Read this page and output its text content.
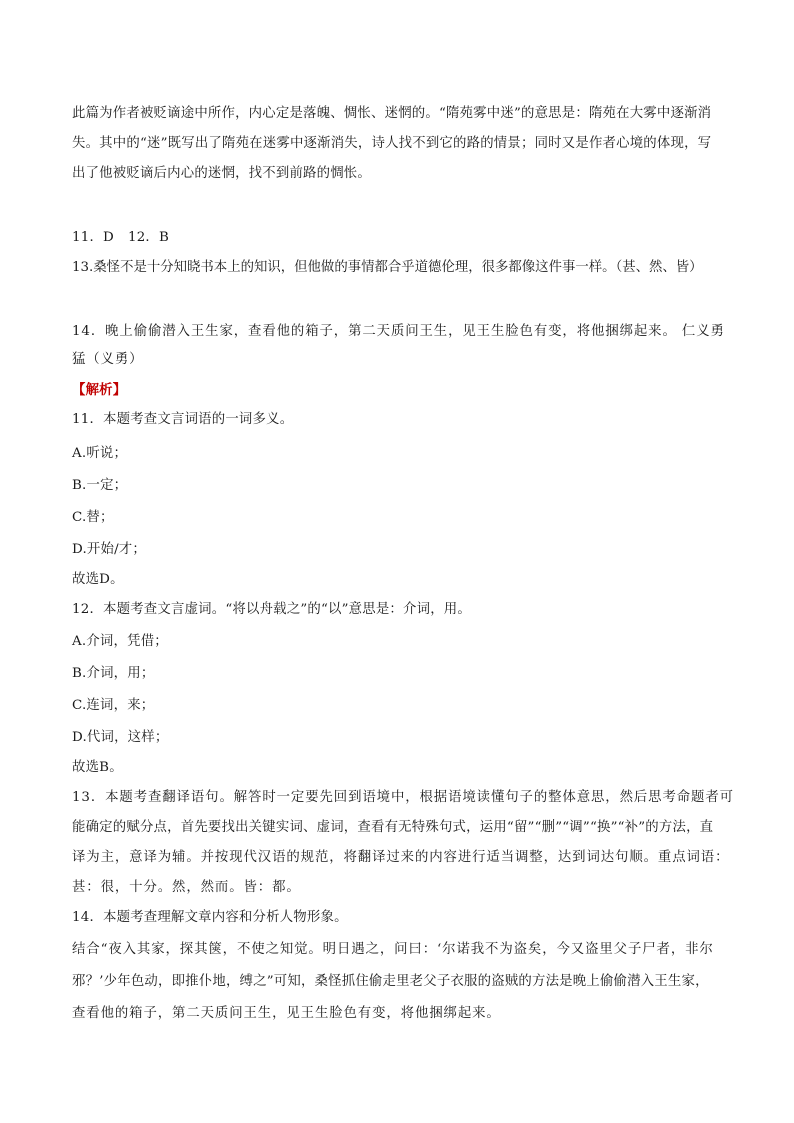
此篇为作者被贬谪途中所作，内心定是落魄、惆怅、迷惘的。“隋苑雾中迷”的意思是：隋苑在大雾中逐渐消
失。其中的“迷”既写出了隋苑在迷雾中逐渐消失，诗人找不到它的路的情景；同时又是作者心境的体现，写
出了他被贬谪后内心的迷惘，找不到前路的惆怅。
11．D 12．B
13.桑怪不是十分知晓书本上的知识，但他做的事情都合乎道德伦理，很多都像这件事一样。（甚、然、皆）
14．晚上偷偷潜入王生家，查看他的箱子，第二天质问王生，见王生脸色有变，将他捆绑起来。 仁义勇
猛（义勇）
【解析】
11．本题考查文言词语的一词多义。
A.听说；
B.一定；
C.替；
D.开始/才；
故选D。
12．本题考查文言虚词。“将以舟载之”的“以”意思是：介词，用。
A.介词，凭借；
B.介词，用；
C.连词，来；
D.代词，这样；
故选B。
13．本题考查翻译语句。解答时一定要先回到语境中，根据语境读懂句子的整体意思，然后思考命题者可
能确定的赋分点，首先要找出关键实词、虚词，查看有无特殊句式，运用“留”“删”“调”“换”“补”的方法，直
译为主，意译为辅。并按现代汉语的规范，将翻译过来的内容进行适当调整，达到词达句顺。重点词语：
甚：很，十分。然，然而。皆：都。
14．本题考查理解文章内容和分析人物形象。
结合“夜入其家，探其箧，不使之知觉。明日遇之，问曰：‘尔诺我不为盗矣，今又盗里父子尸者，非尔
邪？’少年色动，即推仆地，缚之”可知，桑怪抓住偷走里老父子衣服的盗贼的方法是晚上偷偷潜入王生家，
查看他的箱子，第二天质问王生，见王生脸色有变，将他捆绑起来。
